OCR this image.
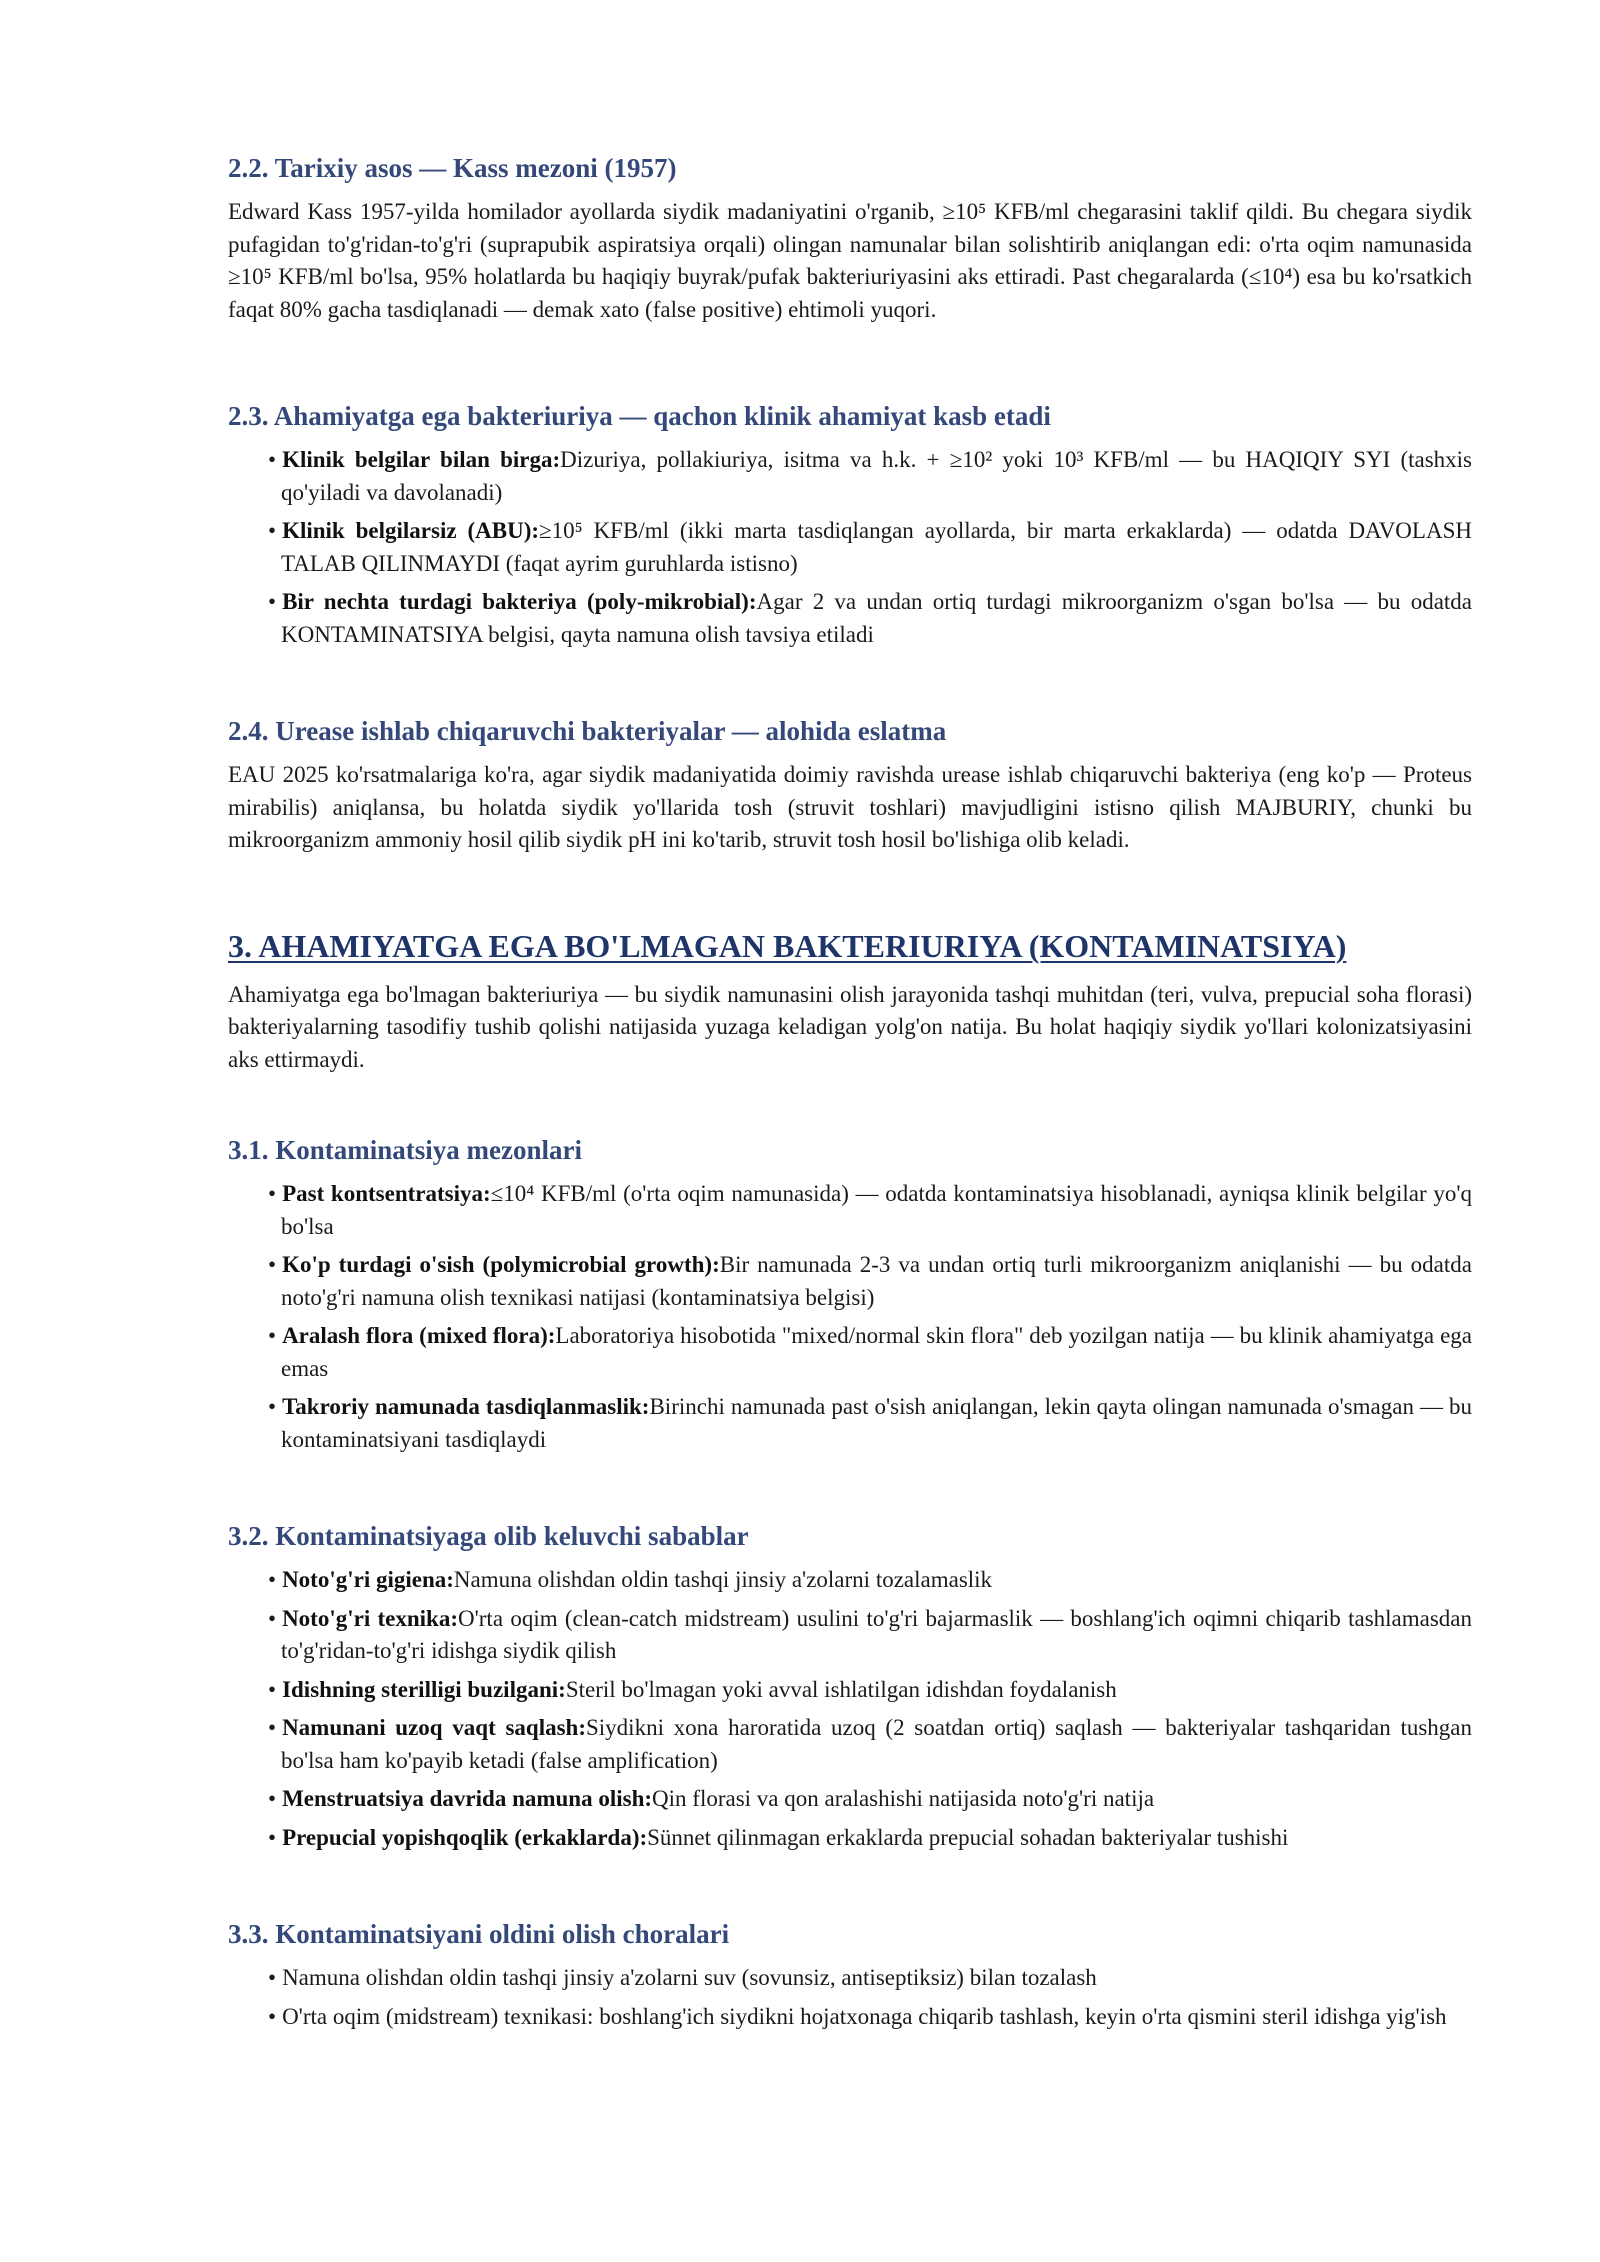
2.2. Tarixiy asos — Kass mezoni (1957)

Edward Kass 1957-yilda homilador ayollarda siydik madaniyatini o'rganib, ≥10⁵ KFB/ml chegarasini taklif qildi. Bu chegara siydik pufagidan to'g'ridan-to'g'ri (suprapubik aspiratsiya orqali) olingan namunalar bilan solishtirib aniqlangan edi: o'rta oqim namunasida ≥10⁵ KFB/ml bo'lsa, 95% holatlarda bu haqiqiy buyrak/pufak bakteriuriyasini aks ettiradi. Past chegaralarda (≤10⁴) esa bu ko'rsatkich faqat 80% gacha tasdiqlanadi — demak xato (false positive) ehtimoli yuqori.

2.3. Ahamiyatga ega bakteriuriya — qachon klinik ahamiyat kasb etadi
• Klinik belgilar bilan birga:Dizuriya, pollakiuriya, isitma va h.k. + ≥10² yoki 10³ KFB/ml — bu HAQIQIY SYI (tashxis qo'yiladi va davolanadi)
• Klinik belgilarsiz (ABU):≥10⁵ KFB/ml (ikki marta tasdiqlangan ayollarda, bir marta erkaklarda) — odatda DAVOLASH TALAB QILINMAYDI (faqat ayrim guruhlarda istisno)
• Bir nechta turdagi bakteriya (poly-mikrobial):Agar 2 va undan ortiq turdagi mikroorganizm o'sgan bo'lsa — bu odatda KONTAMINATSIYA belgisi, qayta namuna olish tavsiya etiladi
2.4. Urease ishlab chiqaruvchi bakteriyalar — alohida eslatma

EAU 2025 ko'rsatmalariga ko'ra, agar siydik madaniyatida doimiy ravishda urease ishlab chiqaruvchi bakteriya (eng ko'p — Proteus mirabilis) aniqlansa, bu holatda siydik yo'llarida tosh (struvit toshlari) mavjudligini istisno qilish MAJBURIY, chunki bu mikroorganizm ammoniy hosil qilib siydik pH ini ko'tarib, struvit tosh hosil bo'lishiga olib keladi.

3. AHAMIYATGA EGA BO'LMAGAN BAKTERIURIYA (KONTAMINATSIYA)

Ahamiyatga ega bo'lmagan bakteriuriya — bu siydik namunasini olish jarayonida tashqi muhitdan (teri, vulva, prepucial soha florasi) bakteriyalarning tasodifiy tushib qolishi natijasida yuzaga keladigan yolg'on natija. Bu holat haqiqiy siydik yo'llari kolonizatsiyasini aks ettirmaydi.

3.1. Kontaminatsiya mezonlari
• Past kontsentratsiya:≤10⁴ KFB/ml (o'rta oqim namunasida) — odatda kontaminatsiya hisoblanadi, ayniqsa klinik belgilar yo'q bo'lsa
• Ko'p turdagi o'sish (polymicrobial growth):Bir namunada 2-3 va undan ortiq turli mikroorganizm aniqlanishi — bu odatda noto'g'ri namuna olish texnikasi natijasi (kontaminatsiya belgisi)
• Aralash flora (mixed flora):Laboratoriya hisobotida "mixed/normal skin flora" deb yozilgan natija — bu klinik ahamiyatga ega emas
• Takroriy namunada tasdiqlanmaslik:Birinchi namunada past o'sish aniqlangan, lekin qayta olingan namunada o'smagan — bu kontaminatsiyani tasdiqlaydi
3.2. Kontaminatsiyaga olib keluvchi sabablar
• Noto'g'ri gigiena:Namuna olishdan oldin tashqi jinsiy a'zolarni tozalamaslik
• Noto'g'ri texnika:O'rta oqim (clean-catch midstream) usulini to'g'ri bajarmaslik — boshlang'ich oqimni chiqarib tashlamasdan to'g'ridan-to'g'ri idishga siydik qilish
• Idishning sterilligi buzilgani:Steril bo'lmagan yoki avval ishlatilgan idishdan foydalanish
• Namunani uzoq vaqt saqlash:Siydikni xona haroratida uzoq (2 soatdan ortiq) saqlash — bakteriyalar tashqaridan tushgan bo'lsa ham ko'payib ketadi (false amplification)
• Menstruatsiya davrida namuna olish:Qin florasi va qon aralashishi natijasida noto'g'ri natija
• Prepucial yopishqoqlik (erkaklarda):Sünnet qilinmagan erkaklarda prepucial sohadan bakteriyalar tushishi
3.3. Kontaminatsiyani oldini olish choralari
• Namuna olishdan oldin tashqi jinsiy a'zolarni suv (sovunsiz, antiseptiksiz) bilan tozalash
• O'rta oqim (midstream) texnikasi: boshlang'ich siydikni hojatxonaga chiqarib tashlash, keyin o'rta qismini steril idishga yig'ish
